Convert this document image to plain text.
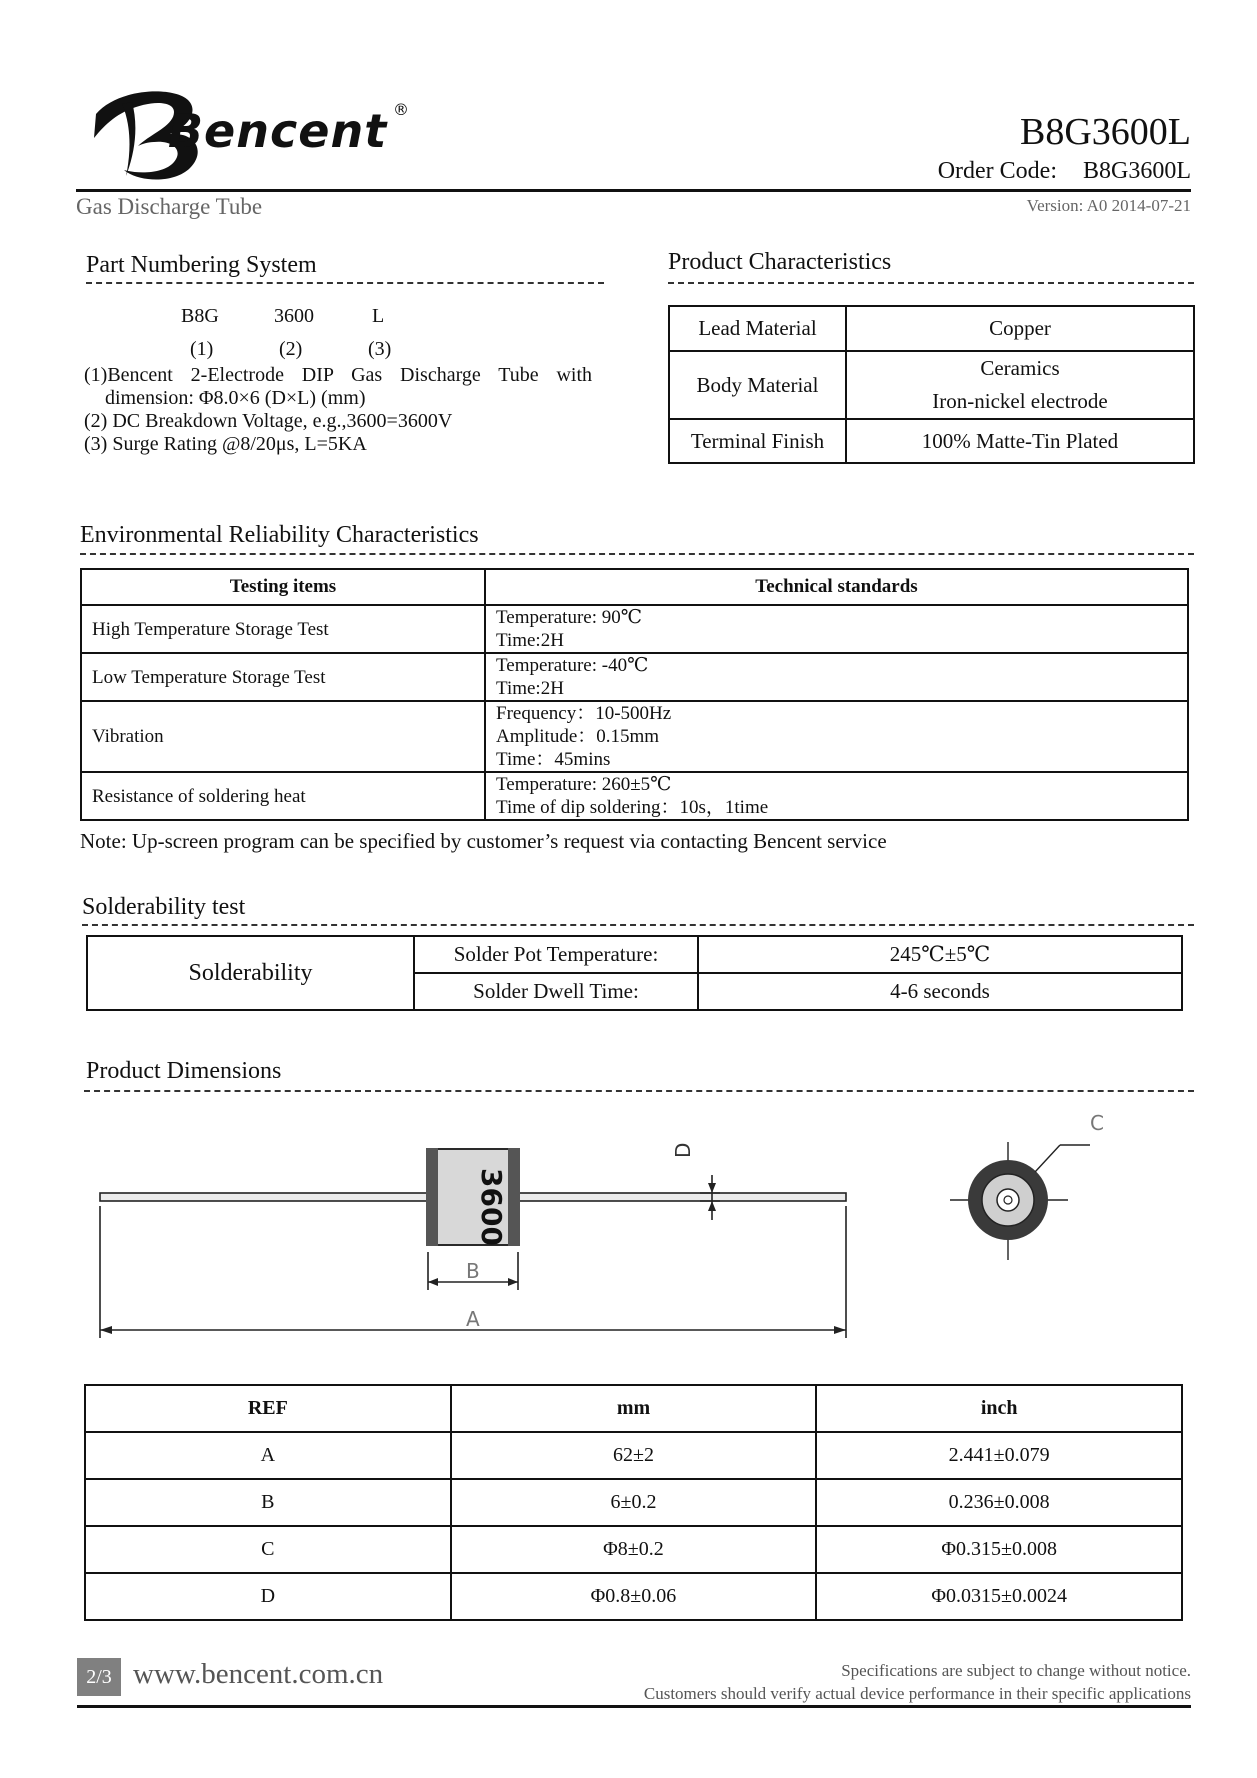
Bencent ®
B8G3600L
Order Code: B8G3600L
Gas Discharge Tube	Version: A0 2014-07-21
Part Numbering System
B8G	3600	L
(1)	(2)	(3)
(1)Bencent 2-Electrode DIP Gas Discharge Tube with
dimension: Φ8.0×6 (D×L) (mm)
(2) DC Breakdown Voltage, e.g.,3600=3600V
(3) Surge Rating @8/20μs, L=5KA
Product Characteristics
Lead Material	Copper
Body Material	Ceramics
Iron-nickel electrode

Terminal Finish	100% Matte-Tin Plated
Environmental Reliability Characteristics
Testing items	Technical standards
High Temperature Storage Test	Temperature: 90℃
Time:2H

Low Temperature Storage Test	Temperature: -40℃
Time:2H

Vibration	Frequency：10-500Hz
Amplitude：0.15mm
Time：45mins

Resistance of soldering heat	Temperature: 260±5℃
Time of dip soldering：10s，1time
Note: Up-screen program can be specified by customer’s request via contacting Bencent service
Solderability test
Solderability	Solder Pot Temperature:	245℃±5℃
	Solder Dwell Time:	4-6 seconds
Product Dimensions
3600
B
A
D
C
REF	mm	inch
A	62±2	2.441±0.079
B	6±0.2	0.236±0.008
C	Φ8±0.2	Φ0.315±0.008
D	Φ0.8±0.06	Φ0.0315±0.0024
2/3 www.bencent.com.cn	Specifications are subject to change without notice.
Customers should verify actual device performance in their specific applications
